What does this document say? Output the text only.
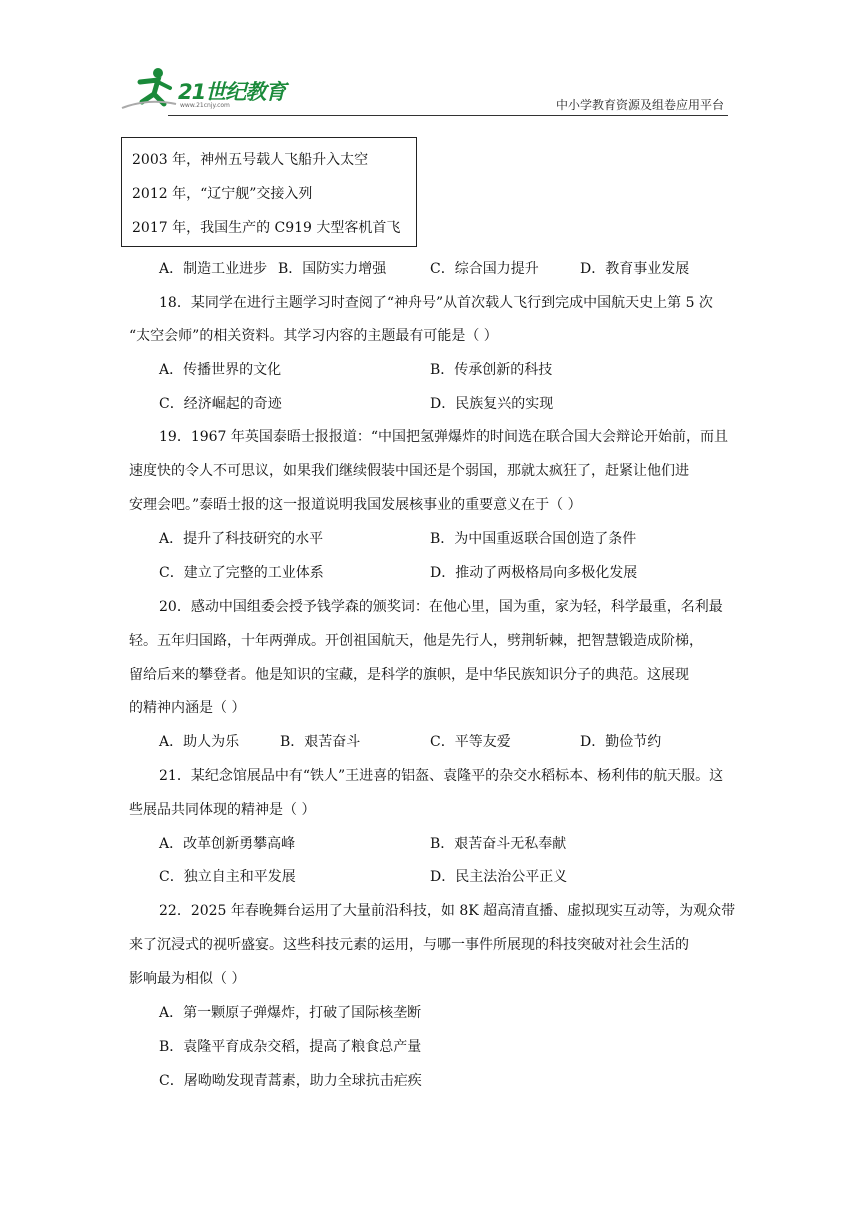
21世纪教育
www.21cnjy.com	中小学教育资源及组卷应用平台
2003 年，神州五号载人飞船升入太空
2012 年，“辽宁舰”交接入列
2017 年，我国生产的 C919 大型客机首飞
A．制造工业进步 B．国防实力增强	C．综合国力提升	D．教育事业发展
18．某同学在进行主题学习时查阅了“神舟号”从首次载人飞行到完成中国航天史上第 5 次
“太空会师”的相关资料。其学习内容的主题最有可能是（ ）
A．传播世界的文化	B．传承创新的科技
C．经济崛起的奇迹	D．民族复兴的实现
19．1967 年英国泰晤士报报道：“中国把氢弹爆炸的时间选在联合国大会辩论开始前，而且
速度快的令人不可思议，如果我们继续假装中国还是个弱国，那就太疯狂了，赶紧让他们进
安理会吧。”泰晤士报的这一报道说明我国发展核事业的重要意义在于（ ）
A．提升了科技研究的水平	B．为中国重返联合国创造了条件
C．建立了完整的工业体系	D．推动了两极格局向多极化发展
20．感动中国组委会授予钱学森的颁奖词：在他心里，国为重，家为轻，科学最重，名利最
轻。五年归国路，十年两弹成。开创祖国航天，他是先行人，劈荆斩棘，把智慧锻造成阶梯，
留给后来的攀登者。他是知识的宝藏，是科学的旗帜，是中华民族知识分子的典范。这展现
的精神内涵是（ ）
A．助人为乐	B．艰苦奋斗	C．平等友爱	D．勤俭节约
21．某纪念馆展品中有“铁人”王进喜的铝盔、袁隆平的杂交水稻标本、杨利伟的航天服。这
些展品共同体现的精神是（ ）
A．改革创新勇攀高峰	B．艰苦奋斗无私奉献
C．独立自主和平发展	D．民主法治公平正义
22．2025 年春晚舞台运用了大量前沿科技，如 8K 超高清直播、虚拟现实互动等，为观众带
来了沉浸式的视听盛宴。这些科技元素的运用，与哪一事件所展现的科技突破对社会生活的
影响最为相似（ ）
A．第一颗原子弹爆炸，打破了国际核垄断
B．袁隆平育成杂交稻，提高了粮食总产量
C．屠呦呦发现青蒿素，助力全球抗击疟疾
